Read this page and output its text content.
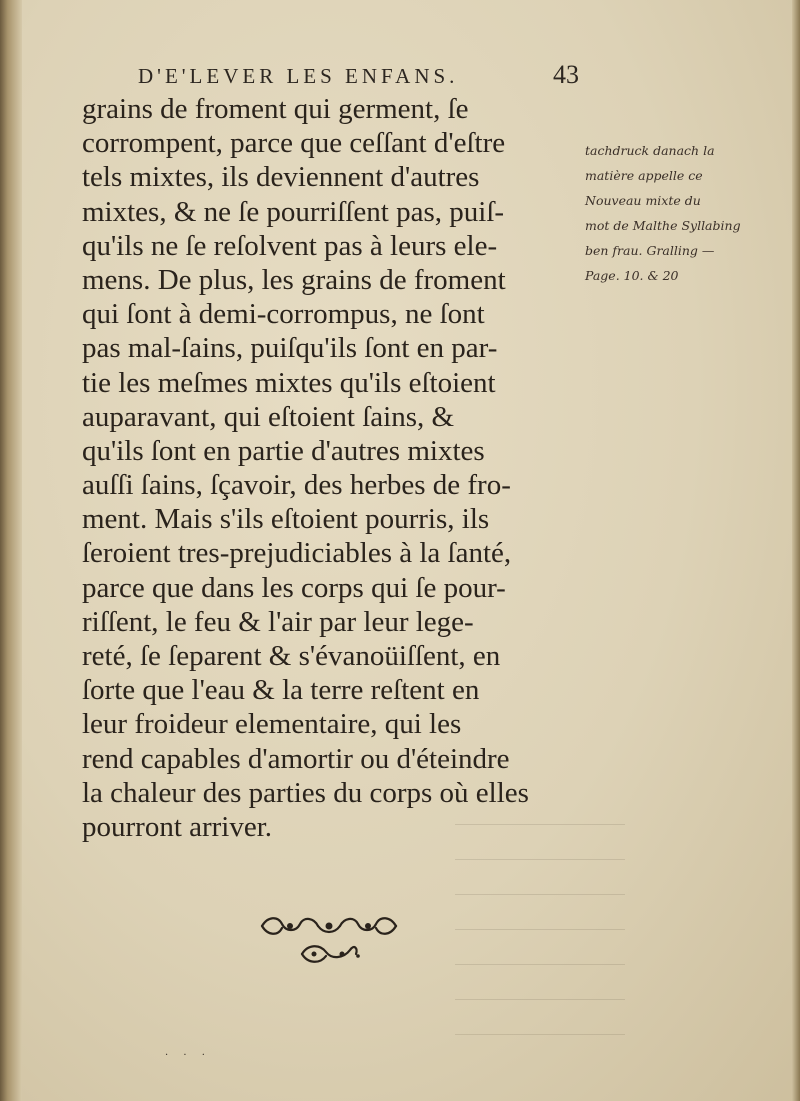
D'E'LEVER LES ENFANS.	43
grains de froment qui germent, ſe
corrompent, parce que ceſſant d'eſtre
tels mixtes, ils deviennent d'autres
mixtes, & ne ſe pourriſſent pas, puiſ-
qu'ils ne ſe reſolvent pas à leurs ele-
mens. De plus, les grains de froment
qui ſont à demi-corrompus, ne ſont
pas mal-ſains, puiſqu'ils ſont en par-
tie les meſmes mixtes qu'ils eſtoient
auparavant, qui eſtoient ſains, &
qu'ils ſont en partie d'autres mixtes
auſſi ſains, ſçavoir, des herbes de fro-
ment. Mais s'ils eſtoient pourris, ils
ſeroient tres-prejudiciables à la ſanté,
parce que dans les corps qui ſe pour-
riſſent, le feu & l'air par leur lege-
reté, ſe ſeparent & s'évanoüiſſent, en
ſorte que l'eau & la terre reſtent en
leur froideur elementaire, qui les
rend capables d'amortir ou d'éteindre
la chaleur des parties du corps où elles
pourront arriver.
tachdruck danach la
matière appelle ce
Nouveau mixte du
mot de Malthe Syllabing
ben frau. Gralling —
Page. 10. & 20
· · ·
